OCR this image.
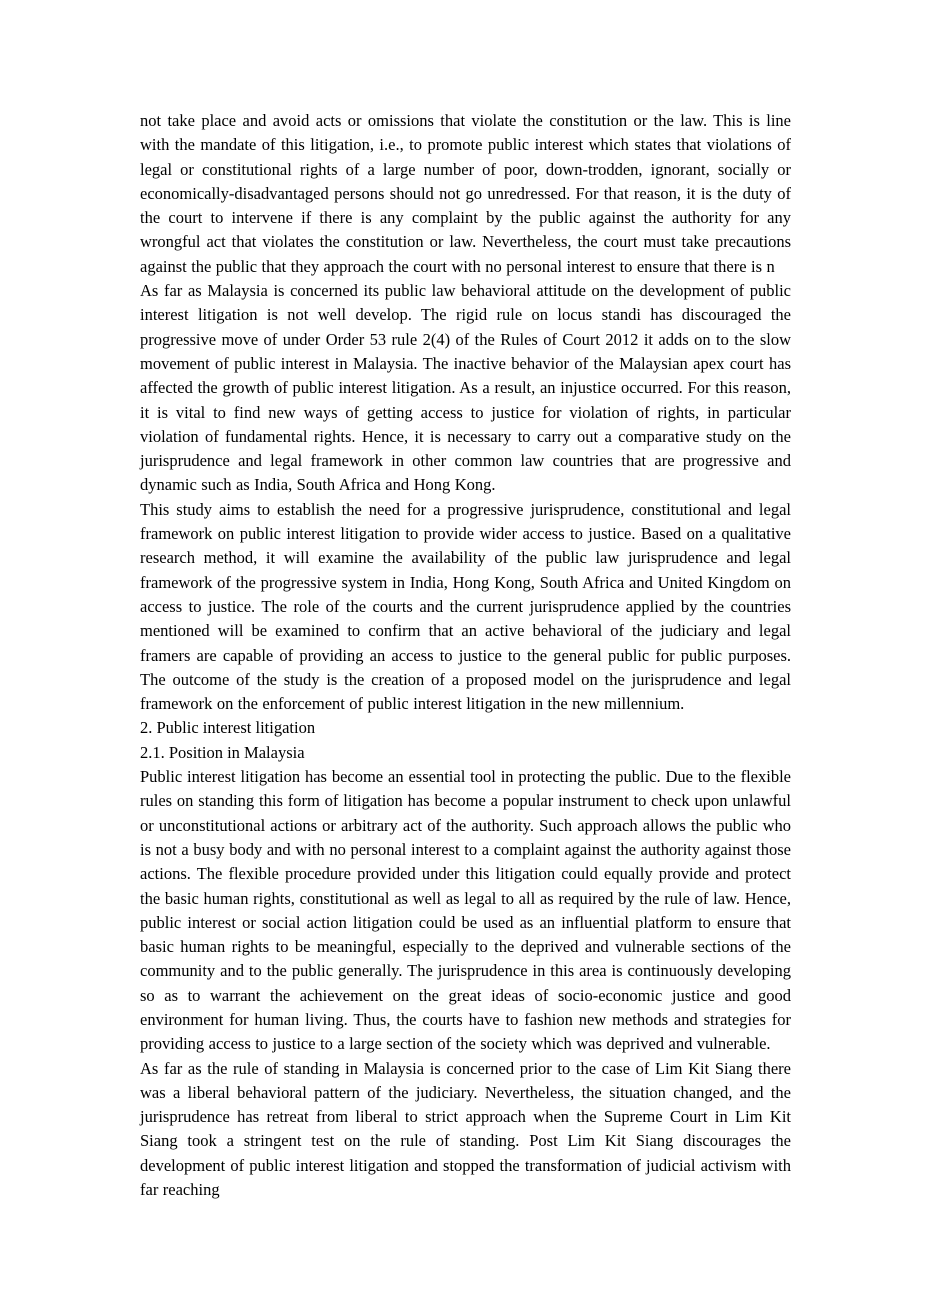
not take place and avoid acts or omissions that violate the constitution or the law. This is line with the mandate of this litigation, i.e., to promote public interest which states that violations of legal or constitutional rights of a large number of poor, down-trodden, ignorant, socially or economically-disadvantaged persons should not go unredressed. For that reason, it is the duty of the court to intervene if there is any complaint by the public against the authority for any wrongful act that violates the constitution or law. Nevertheless, the court must take precautions against the public that they approach the court with no personal interest to ensure that there is n

As far as Malaysia is concerned its public law behavioral attitude on the development of public interest litigation is not well develop. The rigid rule on locus standi has discouraged the progressive move of under Order 53 rule 2(4) of the Rules of Court 2012 it adds on to the slow movement of public interest in Malaysia. The inactive behavior of the Malaysian apex court has affected the growth of public interest litigation. As a result, an injustice occurred. For this reason, it is vital to find new ways of getting access to justice for violation of rights, in particular violation of fundamental rights. Hence, it is necessary to carry out a comparative study on the jurisprudence and legal framework in other common law countries that are progressive and dynamic such as India, South Africa and Hong Kong.

This study aims to establish the need for a progressive jurisprudence, constitutional and legal framework on public interest litigation to provide wider access to justice. Based on a qualitative research method, it will examine the availability of the public law jurisprudence and legal framework of the progressive system in India, Hong Kong, South Africa and United Kingdom on access to justice. The role of the courts and the current jurisprudence applied by the countries mentioned will be examined to confirm that an active behavioral of the judiciary and legal framers are capable of providing an access to justice to the general public for public purposes. The outcome of the study is the creation of a proposed model on the jurisprudence and legal framework on the enforcement of public interest litigation in the new millennium.

2. Public interest litigation
2.1. Position in Malaysia

Public interest litigation has become an essential tool in protecting the public. Due to the flexible rules on standing this form of litigation has become a popular instrument to check upon unlawful or unconstitutional actions or arbitrary act of the authority. Such approach allows the public who is not a busy body and with no personal interest to a complaint against the authority against those actions. The flexible procedure provided under this litigation could equally provide and protect the basic human rights, constitutional as well as legal to all as required by the rule of law. Hence, public interest or social action litigation could be used as an influential platform to ensure that basic human rights to be meaningful, especially to the deprived and vulnerable sections of the community and to the public generally. The jurisprudence in this area is continuously developing so as to warrant the achievement on the great ideas of socio-economic justice and good environment for human living. Thus, the courts have to fashion new methods and strategies for providing access to justice to a large section of the society which was deprived and vulnerable.

As far as the rule of standing in Malaysia is concerned prior to the case of Lim Kit Siang there was a liberal behavioral pattern of the judiciary. Nevertheless, the situation changed, and the jurisprudence has retreat from liberal to strict approach when the Supreme Court in Lim Kit Siang took a stringent test on the rule of standing. Post Lim Kit Siang discourages the development of public interest litigation and stopped the transformation of judicial activism with far reaching
